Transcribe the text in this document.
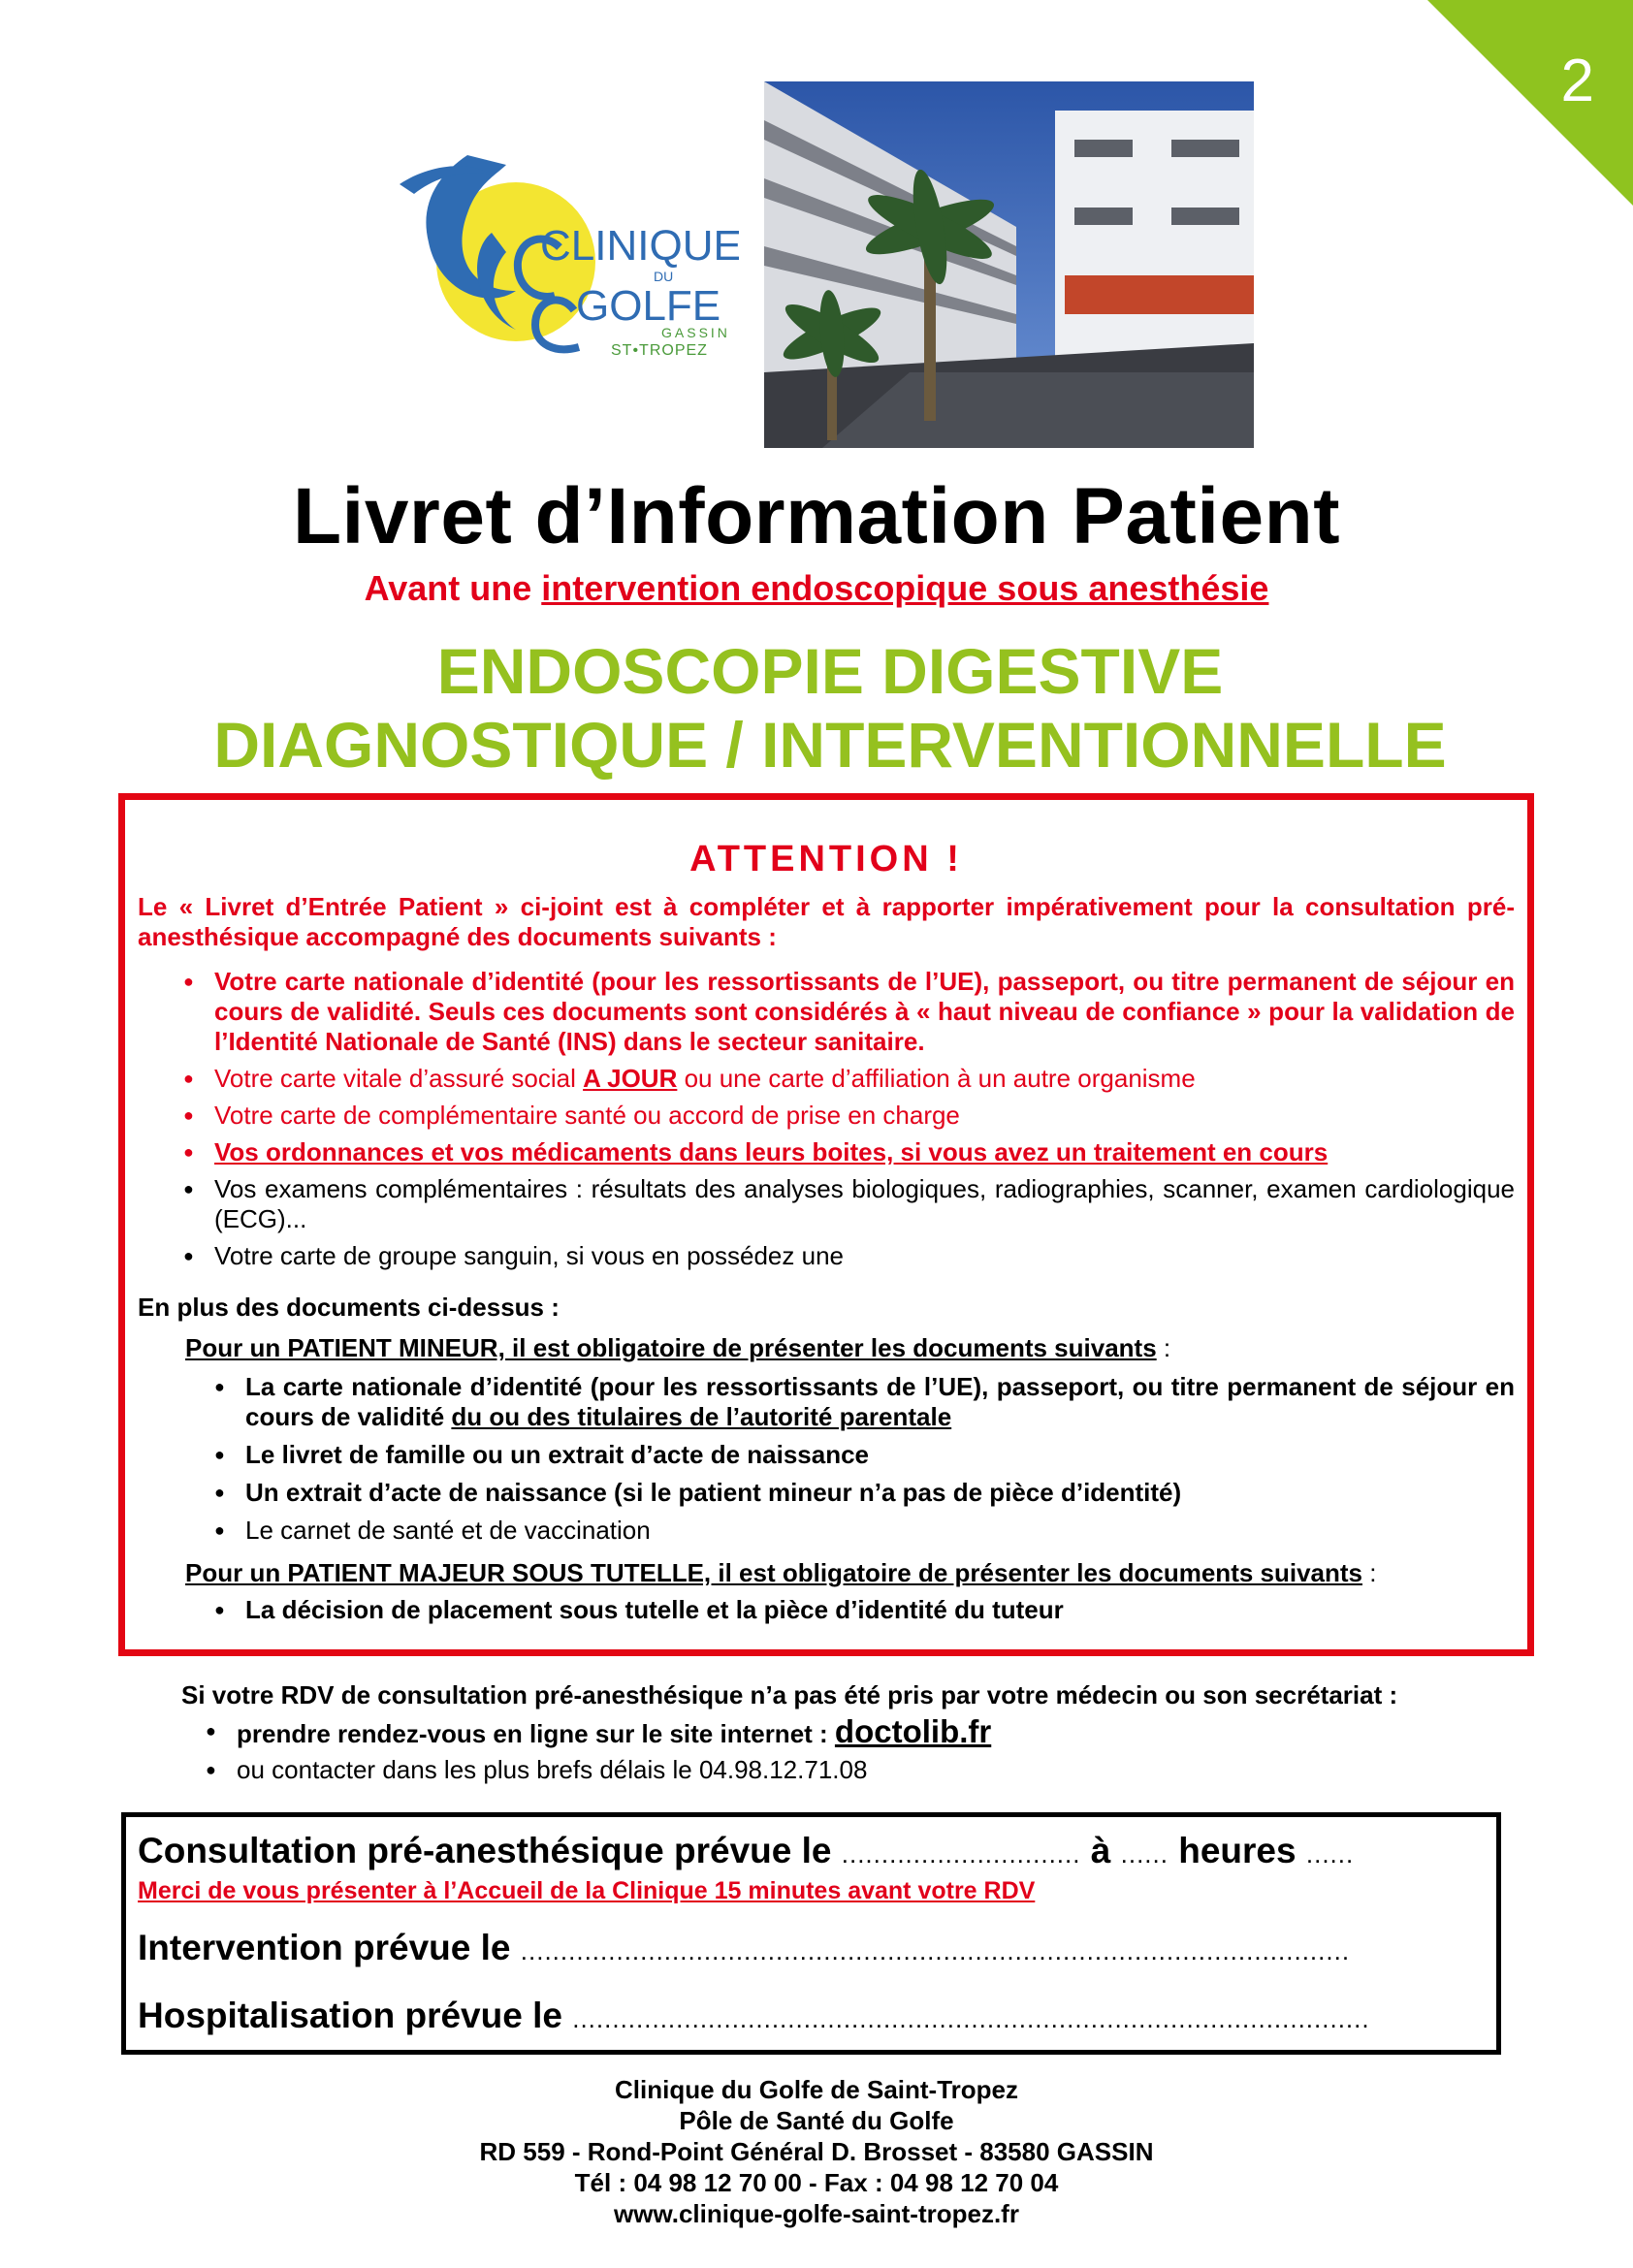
2
CLINIQUE
DU
GOLFE
GASSIN
ST•TROPEZ
Livret d’Information Patient
Avant une intervention endoscopique sous anesthésie
ENDOSCOPIE DIGESTIVE
DIAGNOSTIQUE / INTERVENTIONNELLE
ATTENTION !
Le « Livret d’Entrée Patient » ci-joint est à compléter et à rapporter impérativement pour la consultation pré-anesthésique accompagné des documents suivants :
● Votre carte nationale d’identité (pour les ressortissants de l’UE), passeport, ou titre permanent de séjour en cours de validité. Seuls ces documents sont considérés à « haut niveau de confiance » pour la validation de l’Identité Nationale de Santé (INS) dans le secteur sanitaire.
● Votre carte vitale d’assuré social A JOUR ou une carte d’affiliation à un autre organisme
● Votre carte de complémentaire santé ou accord de prise en charge
● Vos ordonnances et vos médicaments dans leurs boites, si vous avez un traitement en cours
● Vos examens complémentaires : résultats des analyses biologiques, radiographies, scanner, examen cardiologique (ECG)...
● Votre carte de groupe sanguin, si vous en possédez une
En plus des documents ci-dessus :
Pour un PATIENT MINEUR, il est obligatoire de présenter les documents suivants :
● La carte nationale d’identité (pour les ressortissants de l’UE), passeport, ou titre permanent de séjour en cours de validité du ou des titulaires de l’autorité parentale
● Le livret de famille ou un extrait d’acte de naissance
● Un extrait d’acte de naissance (si le patient mineur n’a pas de pièce d’identité)
● Le carnet de santé et de vaccination
Pour un PATIENT MAJEUR SOUS TUTELLE, il est obligatoire de présenter les documents suivants :
● La décision de placement sous tutelle et la pièce d’identité du tuteur
Si votre RDV de consultation pré-anesthésique n’a pas été pris par votre médecin ou son secrétariat :
● prendre rendez-vous en ligne sur le site internet : doctolib.fr
● ou contacter dans les plus brefs délais le 04.98.12.71.08
Consultation pré-anesthésique prévue le .............................. à ...... heures ......
Merci de vous présenter à l’Accueil de la Clinique 15 minutes avant votre RDV
Intervention prévue le ........................................................................................................
Hospitalisation prévue le ....................................................................................................
Clinique du Golfe de Saint-Tropez
Pôle de Santé du Golfe
RD 559 - Rond-Point Général D. Brosset - 83580 GASSIN
Tél : 04 98 12 70 00 - Fax : 04 98 12 70 04
www.clinique-golfe-saint-tropez.fr
